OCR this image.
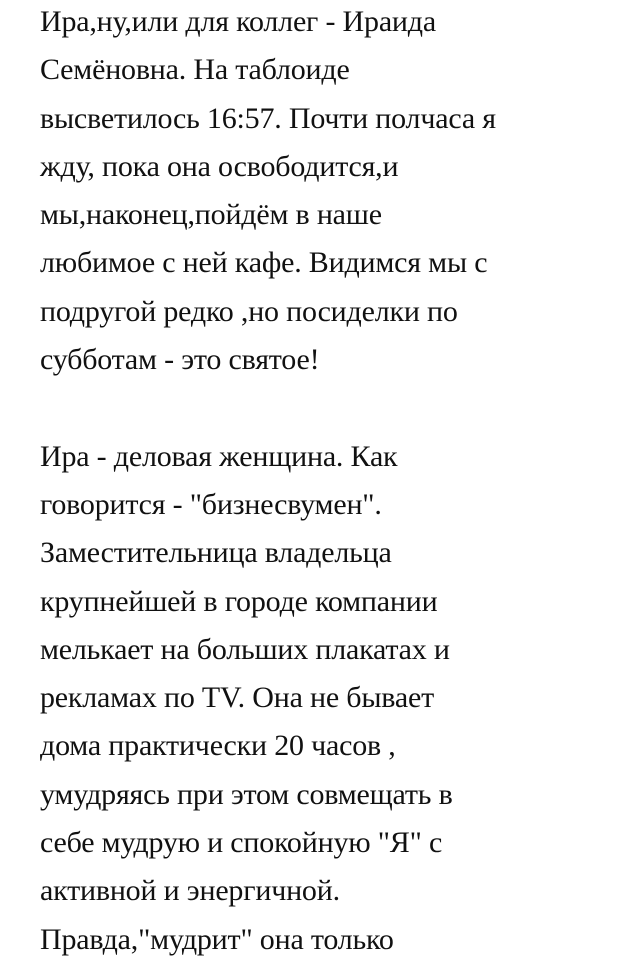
Ира,ну,или для коллег - Ираида
Семёновна. На таблоиде
высветилось 16:57. Почти полчаса я
жду, пока она освободится,и
мы,наконец,пойдём в наше
любимое с ней кафе. Видимся мы с
подругой редко ,но посиделки по
субботам - это святое!

Ира - деловая женщина. Как
говорится - "бизнесвумен".
Заместительница владельца
крупнейшей в городе компании
мелькает на больших плакатах и
рекламах по TV. Она не бывает
дома практически 20 часов ,
умудряясь при этом совмещать в
себе мудрую и спокойную "Я" с
активной и энергичной.
Правда,"мудрит" она только
